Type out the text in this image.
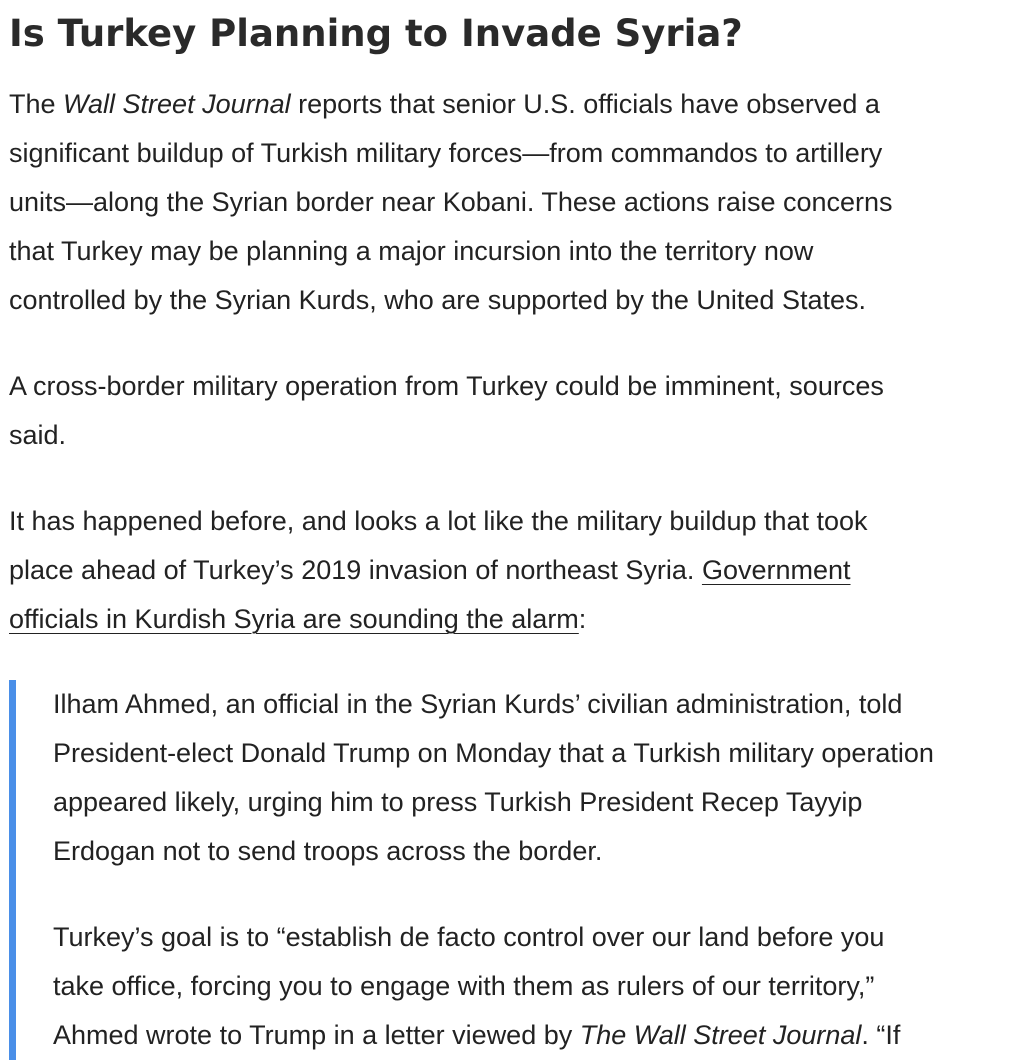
Is Turkey Planning to Invade Syria?

The Wall Street Journal reports that senior U.S. officials have observed a
significant buildup of Turkish military forces—from commandos to artillery
units—along the Syrian border near Kobani. These actions raise concerns
that Turkey may be planning a major incursion into the territory now
controlled by the Syrian Kurds, who are supported by the United States.

A cross-border military operation from Turkey could be imminent, sources
said.

It has happened before, and looks a lot like the military buildup that took
place ahead of Turkey’s 2019 invasion of northeast Syria. Government
officials in Kurdish Syria are sounding the alarm:

Ilham Ahmed, an official in the Syrian Kurds’ civilian administration, told
President-elect Donald Trump on Monday that a Turkish military operation
appeared likely, urging him to press Turkish President Recep Tayyip
Erdogan not to send troops across the border.

Turkey’s goal is to “establish de facto control over our land before you
take office, forcing you to engage with them as rulers of our territory,”
Ahmed wrote to Trump in a letter viewed by The Wall Street Journal. “If
